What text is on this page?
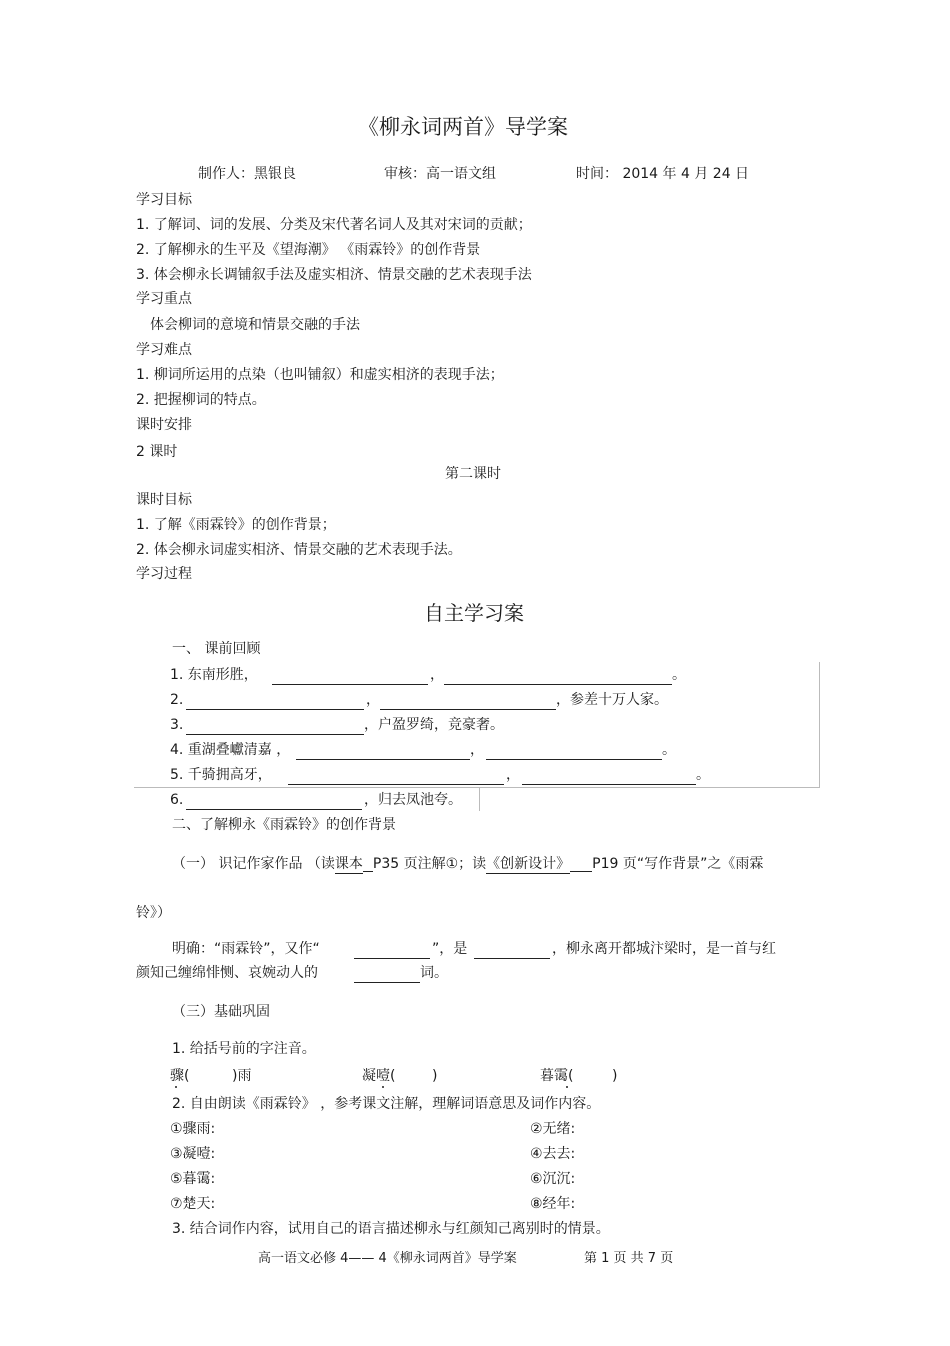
《柳永词两首》导学案
制作人：黑银良	审核：高一语文组	时间： 2014 年 4 月 24 日
学习目标
1. 了解词、词的发展、分类及宋代著名词人及其对宋词的贡献；
2. 了解柳永的生平及《望海潮》 《雨霖铃》的创作背景
3. 体会柳永长调铺叙手法及虚实相济、情景交融的艺术表现手法
学习重点
体会柳词的意境和情景交融的手法
学习难点
1. 柳词所运用的点染（也叫铺叙）和虚实相济的表现手法；
2. 把握柳词的特点。
课时安排
2 课时
第二课时
课时目标
1. 了解《雨霖铃》的创作背景；
2. 体会柳永词虚实相济、情景交融的艺术表现手法。
学习过程
自主学习案
一、 课前回顾
1. 东南形胜，	，	。
2.	，	，参差十万人家。
3.	，户盈罗绮，竞豪奢。
4. 重湖叠巘清嘉 ，	，	。
5. 千骑拥高牙，	，	。
6.	，归去凤池夸。
二、了解柳永《雨霖铃》的创作背景
（一） 识记作家作品 （读课本 P35 页注解①；读《创新设计》 P19 页“写作背景”之《雨霖
铃》）
明确：“雨霖铃”，又作“	”，是	，柳永离开都城汴梁时，是一首与红
颜知己缠绵悱恻、哀婉动人的	词。
（三）基础巩固
1. 给括号前的字注音。
骤(	)雨	凝噎(	)	暮霭(	)
2. 自由朗读《雨霖铃》 ，参考课文注解，理解词语意思及词作内容。
①骤雨:	②无绪:
③凝噎:	④去去:
⑤暮霭:	⑥沉沉:
⑦楚天:	⑧经年:
3. 结合词作内容，试用自己的语言描述柳永与红颜知己离别时的情景。
高一语文必修 4—— 4《柳永词两首》导学案	第 1 页 共 7 页
